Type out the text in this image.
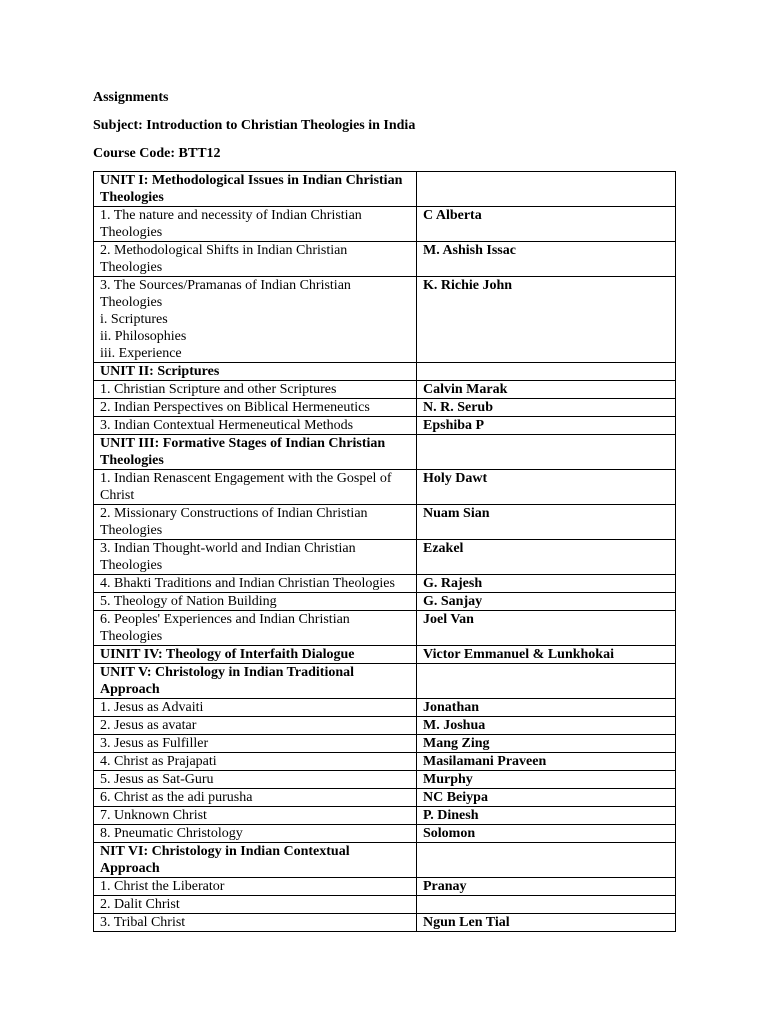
Assignments

Subject: Introduction to Christian Theologies in India

Course Code: BTT12

UNIT I: Methodological Issues in Indian Christian Theologies	
1. The nature and necessity of Indian Christian Theologies	C Alberta
2. Methodological Shifts in Indian Christian Theologies	M. Ashish Issac
3. The Sources/Pramanas of Indian Christian Theologies
i. Scriptures
ii. Philosophies
iii. Experience	K. Richie John
UNIT II: Scriptures	
1. Christian Scripture and other Scriptures	Calvin Marak
2. Indian Perspectives on Biblical Hermeneutics	N. R. Serub
3. Indian Contextual Hermeneutical Methods	Epshiba P
UNIT III: Formative Stages of Indian Christian Theologies	
1. Indian Renascent Engagement with the Gospel of Christ	Holy Dawt
2. Missionary Constructions of Indian Christian Theologies	Nuam Sian
3. Indian Thought-world and Indian Christian Theologies	Ezakel
4. Bhakti Traditions and Indian Christian Theologies	G. Rajesh
5. Theology of Nation Building	G. Sanjay
6. Peoples' Experiences and Indian Christian Theologies	Joel Van
UINIT IV: Theology of Interfaith Dialogue	Victor Emmanuel & Lunkhokai
UNIT V: Christology in Indian Traditional Approach	
1. Jesus as Advaiti	Jonathan
2. Jesus as avatar	M. Joshua
3. Jesus as Fulfiller	Mang Zing
4. Christ as Prajapati	Masilamani Praveen
5. Jesus as Sat-Guru	Murphy
6. Christ as the adi purusha	NC Beiypa
7. Unknown Christ	P. Dinesh
8. Pneumatic Christology	Solomon
NIT VI: Christology in Indian Contextual Approach	
1. Christ the Liberator	Pranay
2. Dalit Christ	
3. Tribal Christ	Ngun Len Tial
